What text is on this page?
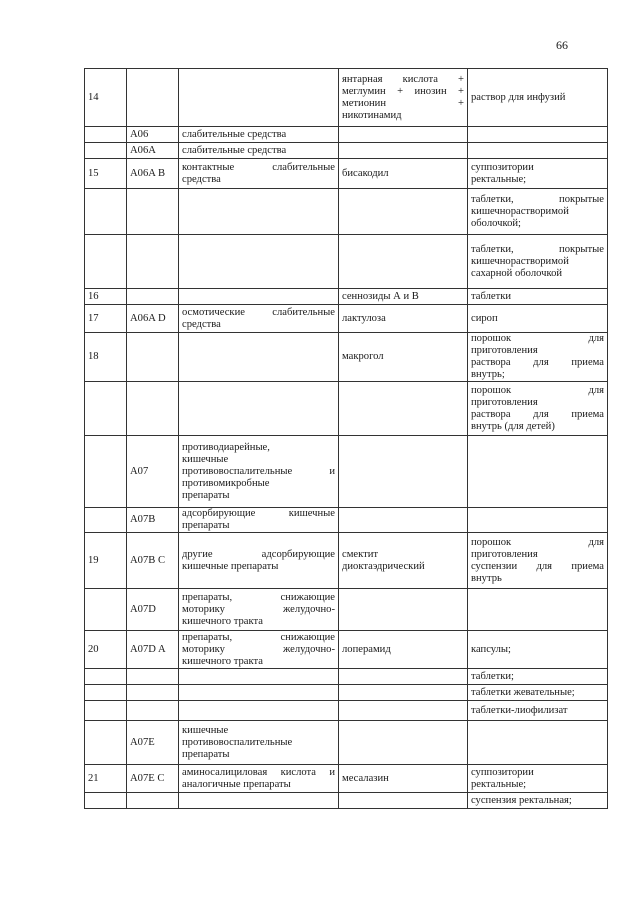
66
14			янтарная кислота +
меглумин + инозин +
метионин +
никотинамид	раствор для инфузий

	A06	слабительные средства		

	A06A	слабительные средства		

15	A06A B	контактные слабительные
средства	бисакодил	суппозитории
ректальные;

				таблетки, покрытые
кишечнорастворимой
оболочкой;

				таблетки, покрытые
кишечнорастворимой
сахарной оболочкой

16			сеннозиды А и В	таблетки

17	A06A D	осмотические слабительные
средства	лактулоза	сироп

18			макрогол	порошок для
приготовления
раствора для приема
внутрь;

				порошок для
приготовления
раствора для приема
внутрь (для детей)

	A07	противодиарейные,
кишечные
противовоспалительные и
противомикробные
препараты		

	A07B	адсорбирующие кишечные
препараты		

19	A07B C	другие адсорбирующие
кишечные препараты	смектит
диоктаэдрический	порошок для
приготовления
суспензии для приема
внутрь

	A07D	препараты, снижающие
моторику желудочно-
кишечного тракта		

20	A07D A	препараты, снижающие
моторику желудочно-
кишечного тракта	лоперамид	капсулы;

				таблетки;

				таблетки жевательные;

				таблетки-лиофилизат

	A07E	кишечные
противовоспалительные
препараты		

21	A07E C	аминосалициловая кислота и
аналогичные препараты	месалазин	суппозитории
ректальные;

				суспензия ректальная;
